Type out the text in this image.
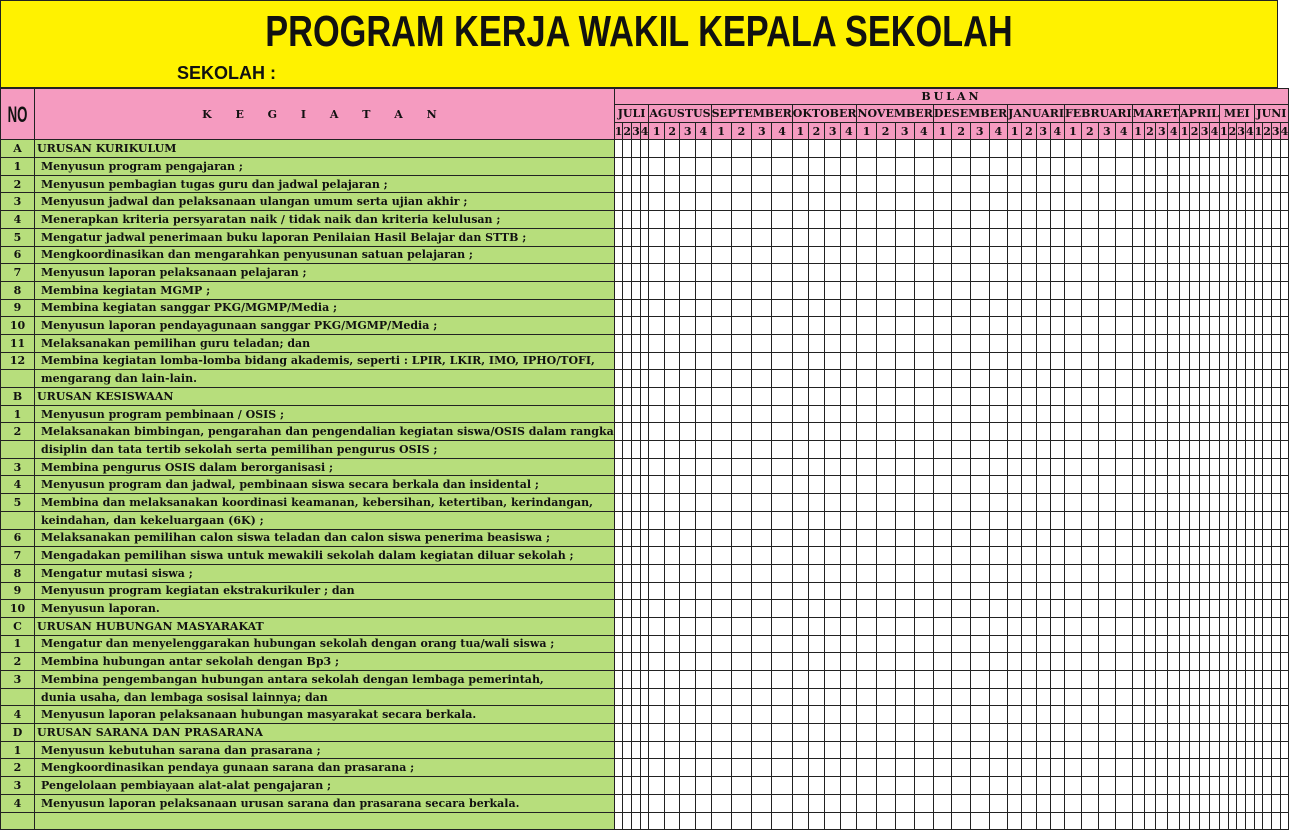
PROGRAM KERJA WAKIL KEPALA SEKOLAH
SEKOLAH :
NO	K E G I A T A N	BULAN																																															
		JULI				AGUSTUS				SEPTEMBER				OKTOBER				NOVEMBER				DESEMBER				JANUARI				FEBRUARI				MARET				APRIL				MEI				JUNI			
		1	2	3	4	1	2	3	4	1	2	3	4	1	2	3	4	1	2	3	4	1	2	3	4	1	2	3	4	1	2	3	4	1	2	3	4	1	2	3	4	1	2	3	4	1	2	3	4
A	URUSAN KURIKULUM																																																
1	Menyusun program pengajaran ;																																																
2	Menyusun pembagian tugas guru dan jadwal pelajaran ;																																																
3	Menyusun jadwal dan pelaksanaan ulangan umum serta ujian akhir ;																																																
4	Menerapkan kriteria persyaratan naik / tidak naik dan kriteria kelulusan ;																																																
5	Mengatur jadwal penerimaan buku laporan Penilaian Hasil Belajar dan STTB ;																																																
6	Mengkoordinasikan dan mengarahkan penyusunan satuan pelajaran ;																																																
7	Menyusun laporan pelaksanaan pelajaran ;																																																
8	Membina kegiatan MGMP ;																																																
9	Membina kegiatan sanggar PKG/MGMP/Media ;																																																
10	Menyusun laporan pendayagunaan sanggar PKG/MGMP/Media ;																																																
11	Melaksanakan pemilihan guru teladan; dan																																																
12	Membina kegiatan lomba-lomba bidang akademis, seperti : LPIR, LKIR, IMO, IPHO/TOFI,																																																
	mengarang dan lain-lain.																																																
B	URUSAN KESISWAAN																																																
1	Menyusun program pembinaan / OSIS ;																																																
2	Melaksanakan bimbingan, pengarahan dan pengendalian kegiatan siswa/OSIS dalam rangka																																																
	disiplin dan tata tertib sekolah serta pemilihan pengurus OSIS ;																																																
3	Membina pengurus OSIS dalam berorganisasi ;																																																
4	Menyusun program dan jadwal, pembinaan siswa secara berkala dan insidental ;																																																
5	Membina dan melaksanakan koordinasi keamanan, kebersihan, ketertiban, kerindangan,																																																
	keindahan, dan kekeluargaan (6K) ;																																																
6	Melaksanakan pemilihan calon siswa teladan dan calon siswa penerima beasiswa ;																																																
7	Mengadakan pemilihan siswa untuk mewakili sekolah dalam kegiatan diluar sekolah ;																																																
8	Mengatur mutasi siswa ;																																																
9	Menyusun program kegiatan ekstrakurikuler ; dan																																																
10	Menyusun laporan.																																																
C	URUSAN HUBUNGAN MASYARAKAT																																																
1	Mengatur dan menyelenggarakan hubungan sekolah dengan orang tua/wali siswa ;																																																
2	Membina hubungan antar sekolah dengan Bp3 ;																																																
3	Membina pengembangan hubungan antara sekolah dengan lembaga pemerintah,																																																
	dunia usaha, dan lembaga sosisal lainnya; dan																																																
4	Menyusun laporan pelaksanaan hubungan masyarakat secara berkala.																																																
D	URUSAN SARANA DAN PRASARANA																																																
1	Menyusun kebutuhan sarana dan prasarana ;																																																
2	Mengkoordinasikan pendaya gunaan sarana dan prasarana ;																																																
3	Pengelolaan pembiayaan alat-alat pengajaran ;																																																
4	Menyusun laporan pelaksanaan urusan sarana dan prasarana secara berkala.																																																
